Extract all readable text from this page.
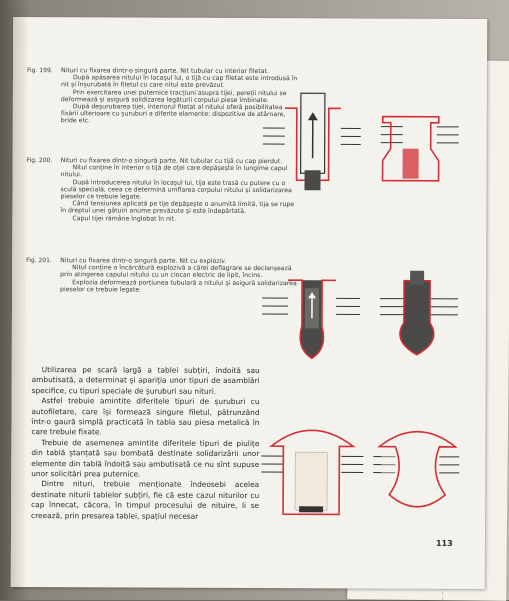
Fig. 199.	Nituri cu fixarea dintr-o singură parte. Nit tubular cu interior filetat.

După apăsarea nitului în locașul lui, o tijă cu cap filetat este introdusă în nit și înșurubată în filetul cu care nitul este prevăzut.

Prin exercitarea unei puternice tracțiuni asupra tijei, pereții nitului se deformează și asigură solidizarea legăturii corpului piese îmbinate.

După deșurubarea tijei, interiorul filetat al nitului oferă posibilitatea fixării ulterioare cu șuruburi a diferite elemente: dispozitive de atârnare, bride etc.

Fig. 200.	Nituri cu fixarea dintr-o singură parte. Nit tubular cu tijă cu cap pierdut.

Nitul conține în interior o tijă de oțel care depășește în lungime capul nitului.

După introducerea nitului în locașul lui, tija este trasă cu putere cu o sculă specială, ceea ce determină umflarea corpului nitului și solidarizarea pieselor ce trebuie legate.

Când tensiunea aplicată pe tije depășește o anumită limită, tija se rupe în dreptul unei gâtuiri anume prevăzute și este îndepărtată.

Capul tijei rămâne înglobat în nit.

Fig. 201.	Nituri cu fixarea dintr-o singură parte. Nit cu exploziv.

Nitul conține o încărcătură explozivă a cărei deflagrare se declanșează prin atingerea capului nitului cu un ciocan electric de lipit, încins.

Explozia deformează porțiunea tubulară a nitului și asigură solidarizarea pieselor ce trebuie legate.

Utilizarea pe scară largă a tablei subțiri, îndoită sau ambutisată, a determinat și apariția unor tipuri de asamblări specifice, cu tipuri speciale de șuruburi sau nituri.

Astfel trebuie amintite diferitele tipuri de șuruburi cu autofiletare, care își formează singure filetul, pătrunzând într-o gaură simplă practicată în tabla sau piesa metalică în care trebuie fixate.

Trebuie de asemenea amintite diferitele tipuri de piulițe din tablă ștanțată sau bombată destinate solidarizării unor elemente din tablă îndoită sau ambutisată ce nu sînt supuse unor solicitări prea puternice.

Dintre nituri, trebuie menționate îndeosebi acelea destinate niturii tablelor subțiri, fie că este cazul niturilor cu cap înnecat, căcora, în timpul procesului de nituire, li se creează, prin presarea tablei, spațiul necesar

113
